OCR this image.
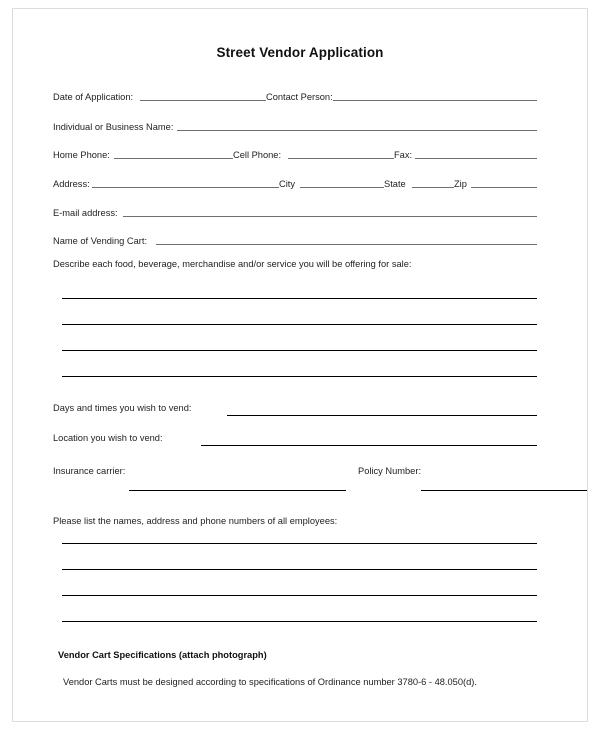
Street Vendor Application
Date of Application:	Contact Person:
Individual or Business Name:
Home Phone:	Cell Phone:	Fax:
Address:	City	State	Zip
E-mail address:
Name of Vending Cart:
Describe each food, beverage, merchandise and/or service you will be offering for sale:
Days and times you wish to vend:
Location you wish to vend:
Insurance carrier:	Policy Number:
Please list the names, address and phone numbers of all employees:
Vendor Cart Specifications (attach photograph)
Vendor Carts must be designed according to specifications of Ordinance number 3780-6 - 48.050(d).
